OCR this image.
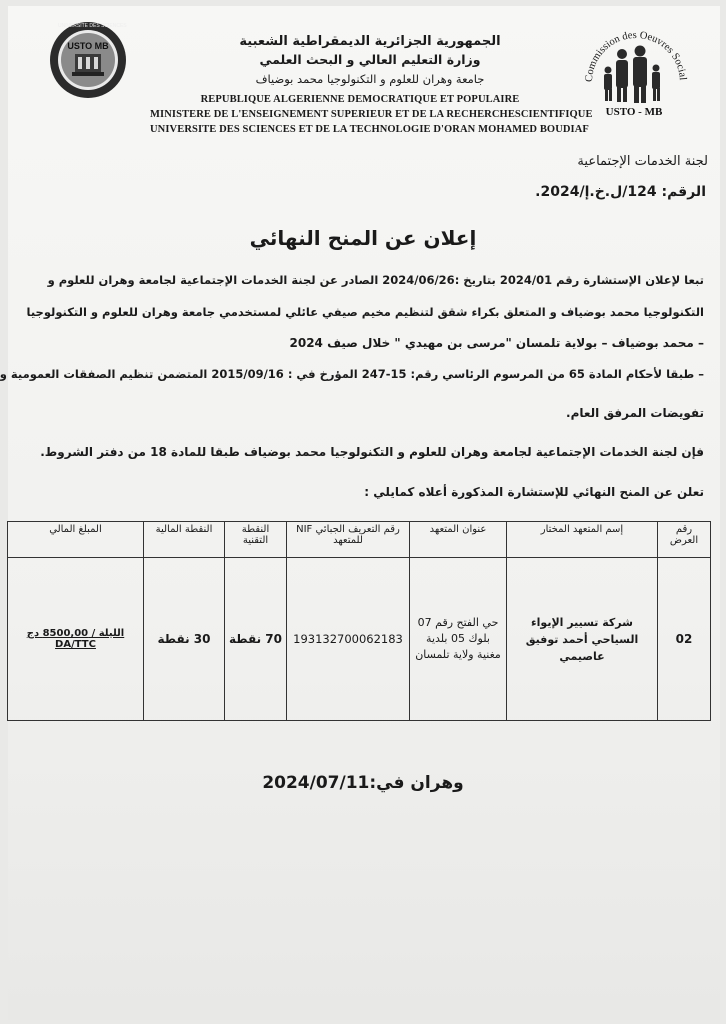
USTO MB
UNIVERSITE DES SCIENCES
Commission des Oeuvres Social
USTO - MB
الجمهورية الجزائرية الديمقراطية الشعبية
وزارة التعليم العالي و البحث العلمي
جامعة وهران للعلوم و التكنولوجيا محمد بوضياف
REPUBLIQUE ALGERIENNE DEMOCRATIQUE ET POPULAIRE
MINISTERE DE L'ENSEIGNEMENT SUPERIEUR ET DE LA RECHERCHESCIENTIFIQUE
UNIVERSITE DES SCIENCES ET DE LA TECHNOLOGIE D'ORAN MOHAMED BOUDIAF
لجنة الخدمات الإجتماعية
الرقم: 124/ل.خ.إ/2024.
إعلان عن المنح النهائي
تبعا لإعلان الإستشارة رقم 2024/01 بتاريخ :2024/06/26 الصادر عن لجنة الخدمات الإجتماعية لجامعة وهران للعلوم و
التكنولوجيا محمد بوضياف و المتعلق بكراء شقق لتنظيم مخيم صيفي عائلي لمستخدمي جامعة وهران للعلوم و التكنولوجيا
– محمد بوضياف – بولاية تلمسان "مرسى بن مهيدي " خلال صيف 2024
– طبقا لأحكام المادة 65 من المرسوم الرئاسي رقم: 15-247 المؤرخ في : 2015/09/16 المتضمن تنظيم الصفقات العمومية و
تفويضات المرفق العام.
فإن لجنة الخدمات الإجتماعية لجامعة وهران للعلوم و التكنولوجيا محمد بوضياف طبقا للمادة 18 من دفتر الشروط.
تعلن عن المنح النهائي للإستشارة المذكورة أعلاه كمايلي :
رقم العرض	إسم المتعهد المختار	عنوان المتعهد	رقم التعريف الجبائي NIF للمتعهد	النقطة التقنية	النقطة المالية	المبلغ المالي
02	شركة تسيير الإيواء السياحي أحمد توفيق عاصيمي	حي الفتح رقم 07 بلوك 05 بلدية مغنية ولاية تلمسان	193132700062183	70 نقطة	30 نقطة	الليلة / 8500,00 دج
DA/TTC
وهران في:2024/07/11
